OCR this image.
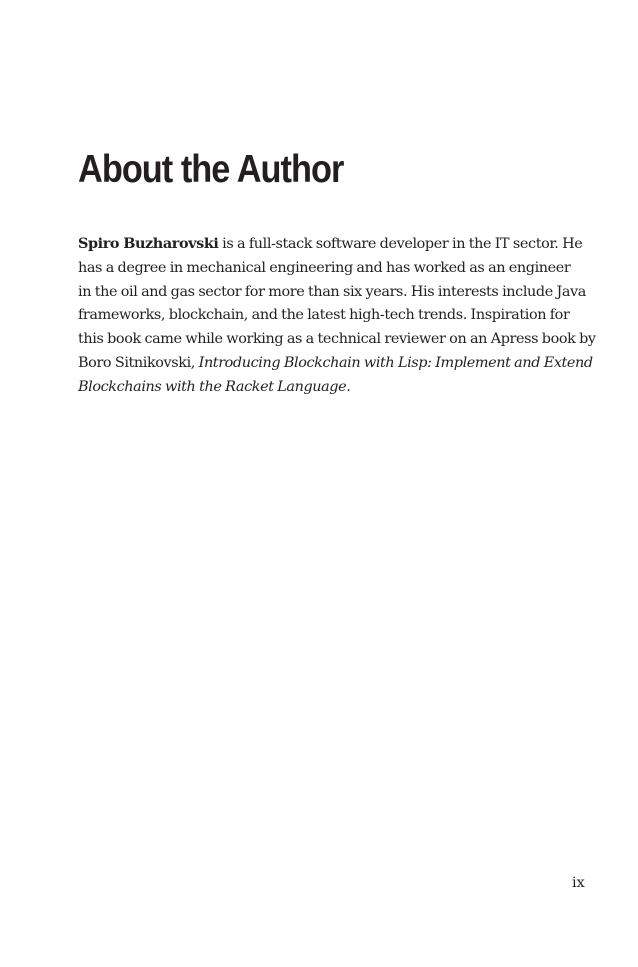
About the Author

Spiro Buzharovski is a full-stack software developer in the IT sector. He
has a degree in mechanical engineering and has worked as an engineer
in the oil and gas sector for more than six years. His interests include Java
frameworks, blockchain, and the latest high-tech trends. Inspiration for
this book came while working as a technical reviewer on an Apress book by
Boro Sitnikovski, Introducing Blockchain with Lisp: Implement and Extend
Blockchains with the Racket Language.

ix
